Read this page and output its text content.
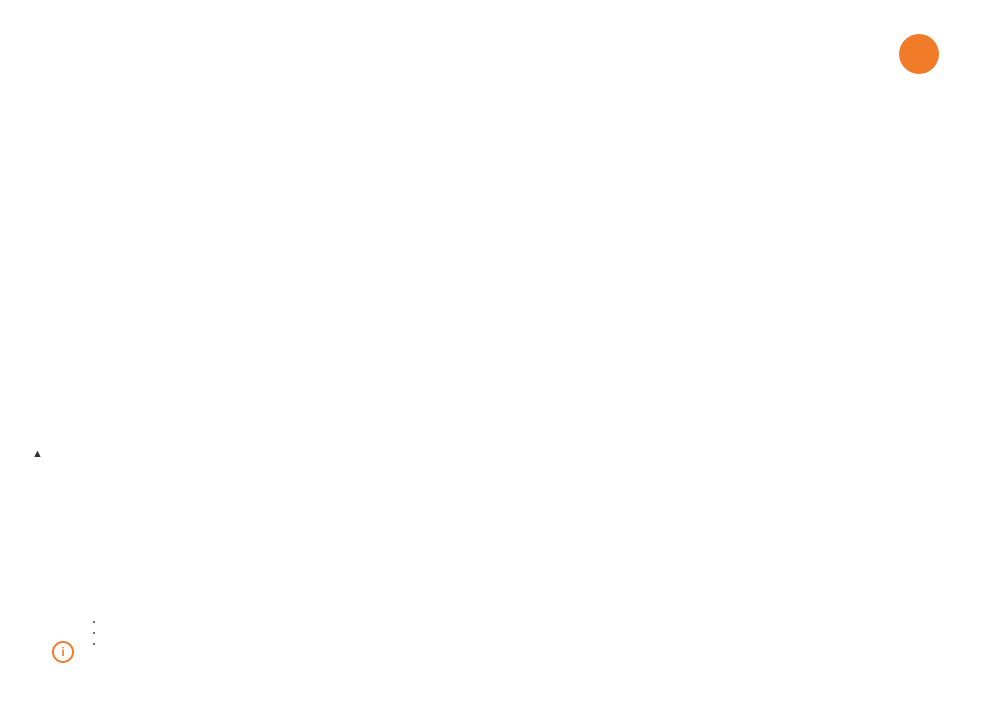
▲

i
•
•
•
